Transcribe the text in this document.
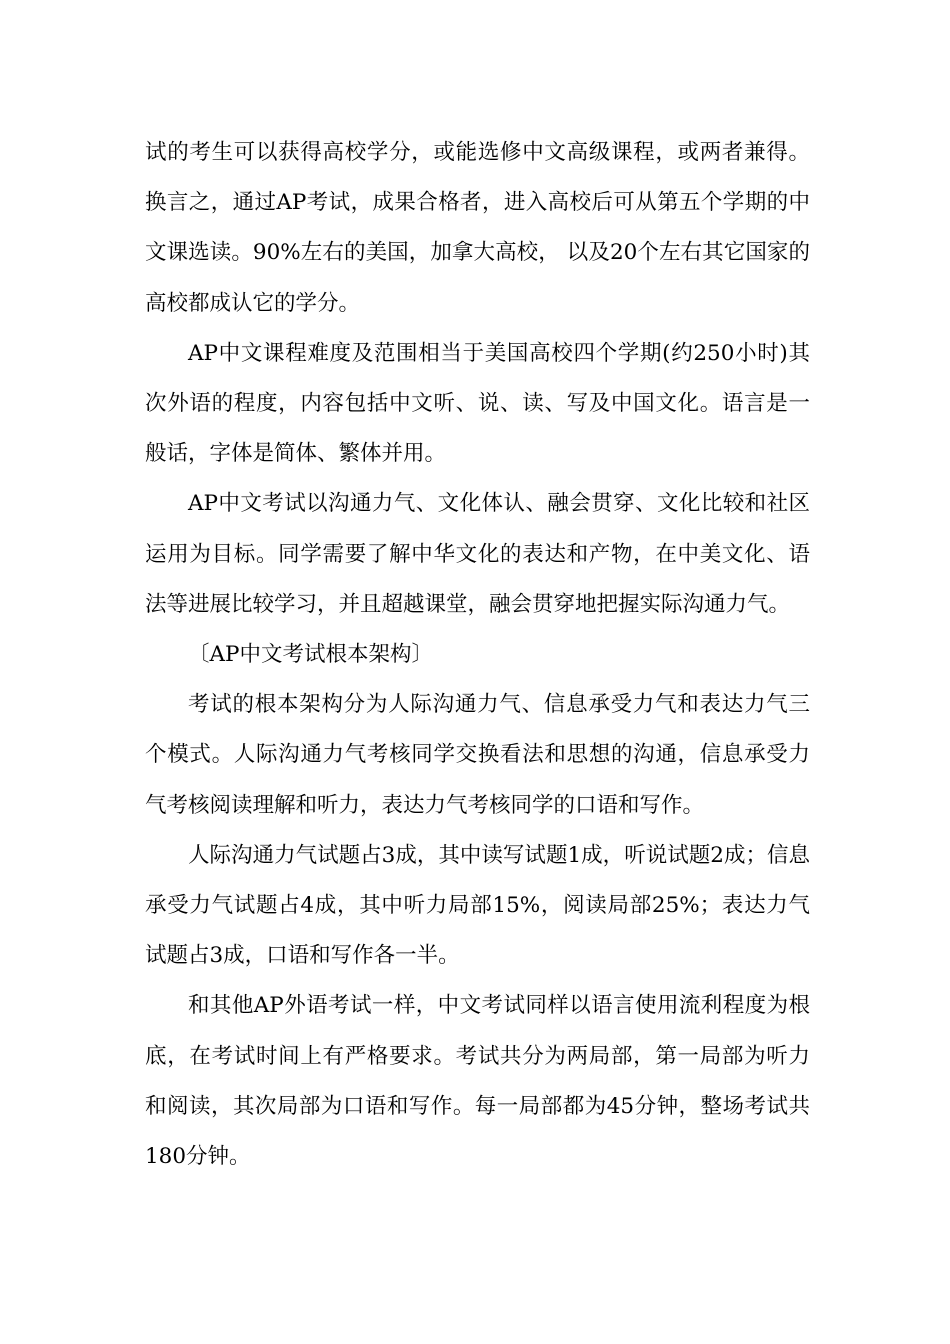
试的考生可以获得高校学分，或能选修中文高级课程，或两者兼得。换言之，通过AP考试，成果合格者，进入高校后可从第五个学期的中文课选读。90%左右的美国，加拿大高校， 以及20个左右其它国家的高校都成认它的学分。

AP中文课程难度及范围相当于美国高校四个学期(约250小时)其次外语的程度，内容包括中文听、说、读、写及中国文化。语言是一般话，字体是简体、繁体并用。

AP中文考试以沟通力气、文化体认、融会贯穿、文化比较和社区运用为目标。同学需要了解中华文化的表达和产物，在中美文化、语法等进展比较学习，并且超越课堂，融会贯穿地把握实际沟通力气。

〔AP中文考试根本架构〕

考试的根本架构分为人际沟通力气、信息承受力气和表达力气三个模式。人际沟通力气考核同学交换看法和思想的沟通，信息承受力气考核阅读理解和听力，表达力气考核同学的口语和写作。

人际沟通力气试题占3成，其中读写试题1成，听说试题2成；信息承受力气试题占4成，其中听力局部15%，阅读局部25%；表达力气试题占3成，口语和写作各一半。

和其他AP外语考试一样，中文考试同样以语言使用流利程度为根底，在考试时间上有严格要求。考试共分为两局部，第一局部为听力和阅读，其次局部为口语和写作。每一局部都为45分钟，整场考试共180分钟。
